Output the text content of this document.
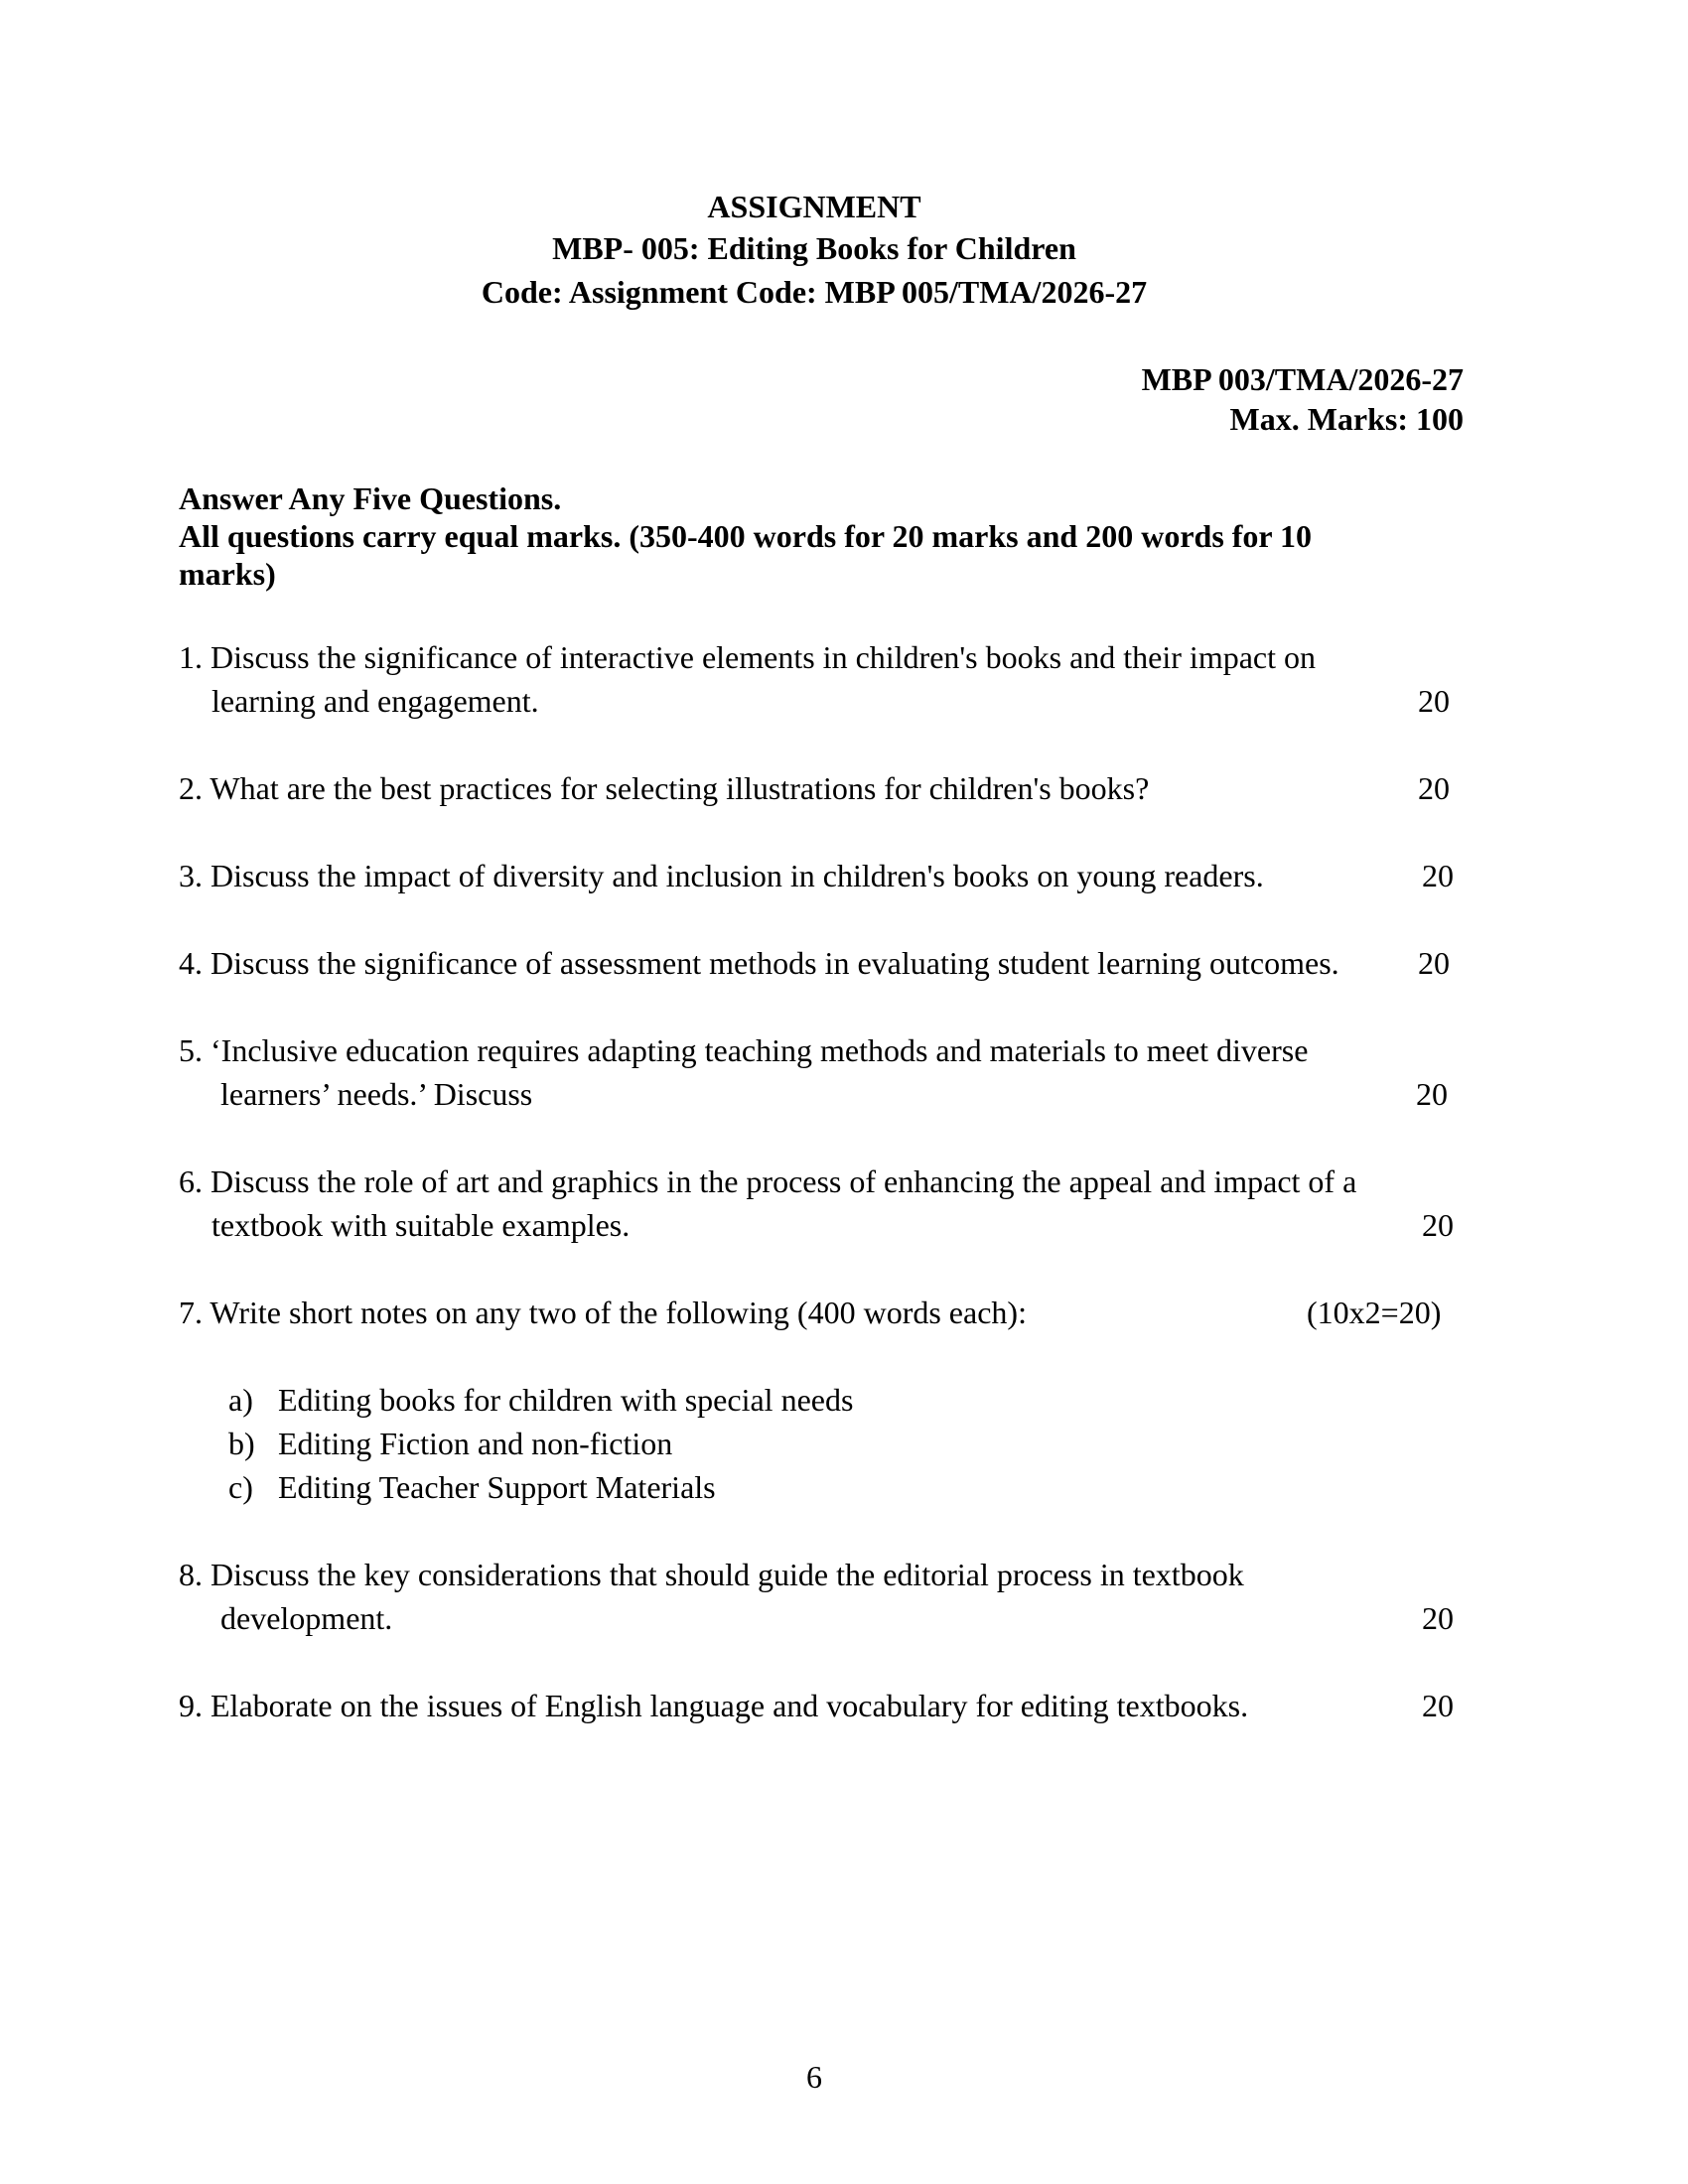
ASSIGNMENT
MBP- 005: Editing Books for Children
Code: Assignment Code: MBP 005/TMA/2026-27
MBP 003/TMA/2026-27
Max. Marks: 100
Answer Any Five Questions.
All questions carry equal marks. (350-400 words for 20 marks and 200 words for 10
marks)
1. Discuss the significance of interactive elements in children's books and their impact on
learning and engagement.	20
2. What are the best practices for selecting illustrations for children's books?	20
3. Discuss the impact of diversity and inclusion in children's books on young readers.	20
4. Discuss the significance of assessment methods in evaluating student learning outcomes. 20
5. ‘Inclusive education requires adapting teaching methods and materials to meet diverse
learners’ needs.’ Discuss	20
6. Discuss the role of art and graphics in the process of enhancing the appeal and impact of a
textbook with suitable examples.	20
7. Write short notes on any two of the following (400 words each):	(10x2=20)
a) Editing books for children with special needs
b) Editing Fiction and non-fiction
c) Editing Teacher Support Materials
8. Discuss the key considerations that should guide the editorial process in textbook
development.	20
9. Elaborate on the issues of English language and vocabulary for editing textbooks.	20
6
